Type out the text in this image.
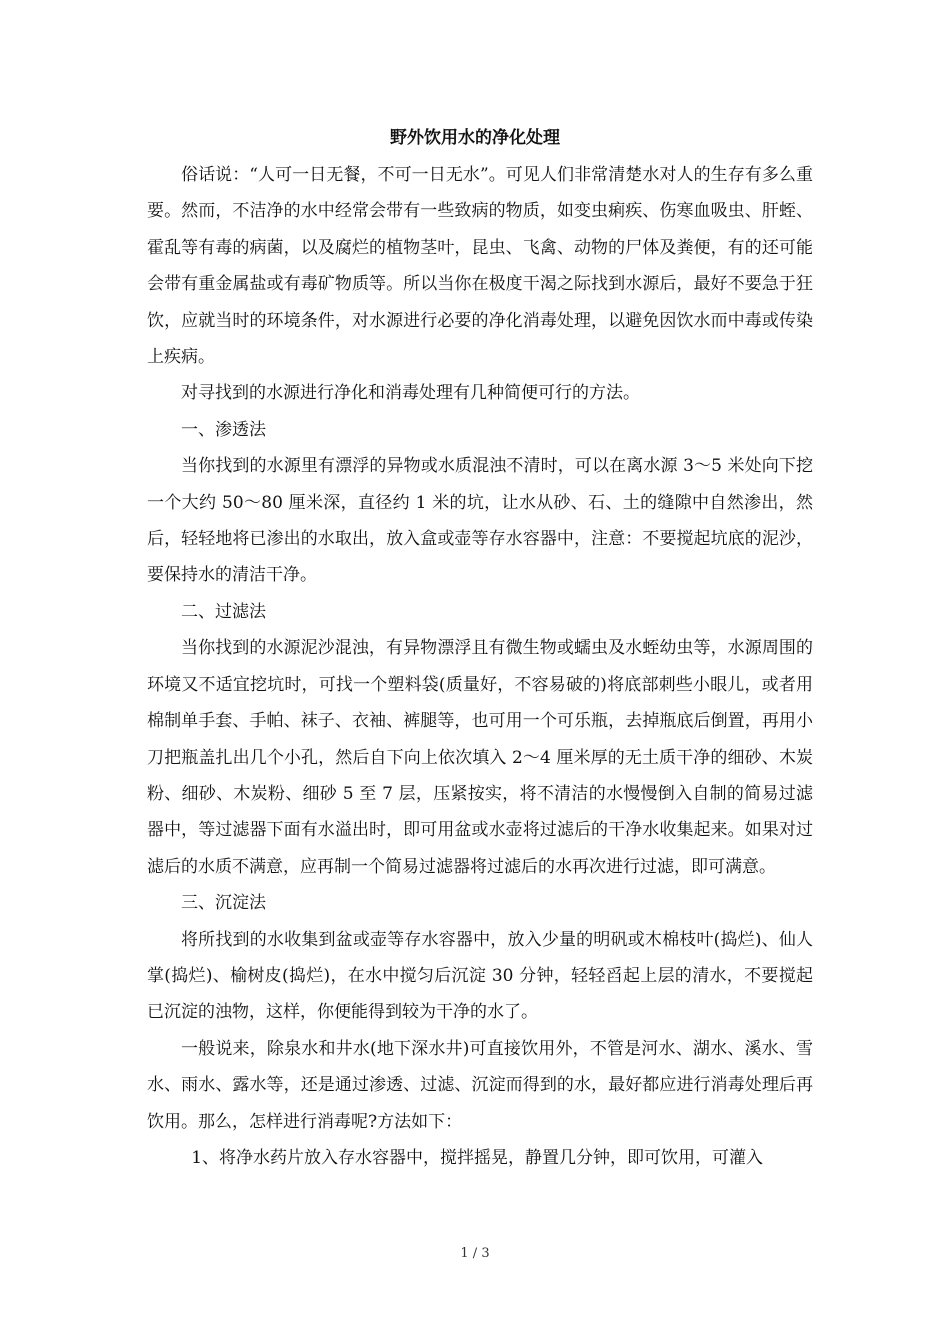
野外饮用水的净化处理

俗话说：“人可一日无餐，不可一日无水”。可见人们非常清楚水对人的生存有多么重要。然而，不洁净的水中经常会带有一些致病的物质，如变虫痢疾、伤寒血吸虫、肝蛭、霍乱等有毒的病菌，以及腐烂的植物茎叶，昆虫、飞禽、动物的尸体及粪便，有的还可能会带有重金属盐或有毒矿物质等。所以当你在极度干渴之际找到水源后，最好不要急于狂饮，应就当时的环境条件，对水源进行必要的净化消毒处理，以避免因饮水而中毒或传染上疾病。

对寻找到的水源进行净化和消毒处理有几种简便可行的方法。

一、渗透法

当你找到的水源里有漂浮的异物或水质混浊不清时，可以在离水源 3～5 米处向下挖一个大约 50～80 厘米深，直径约 1 米的坑，让水从砂、石、土的缝隙中自然渗出，然后，轻轻地将已渗出的水取出，放入盒或壶等存水容器中，注意：不要搅起坑底的泥沙，要保持水的清洁干净。

二、过滤法

当你找到的水源泥沙混浊，有异物漂浮且有微生物或蠕虫及水蛭幼虫等，水源周围的环境又不适宜挖坑时，可找一个塑料袋(质量好，不容易破的)将底部刺些小眼儿，或者用棉制单手套、手帕、袜子、衣袖、裤腿等，也可用一个可乐瓶，去掉瓶底后倒置，再用小刀把瓶盖扎出几个小孔，然后自下向上依次填入 2～4 厘米厚的无土质干净的细砂、木炭粉、细砂、木炭粉、细砂 5 至 7 层，压紧按实，将不清洁的水慢慢倒入自制的简易过滤器中，等过滤器下面有水溢出时，即可用盆或水壶将过滤后的干净水收集起来。如果对过滤后的水质不满意，应再制一个简易过滤器将过滤后的水再次进行过滤，即可满意。

三、沉淀法

将所找到的水收集到盆或壶等存水容器中，放入少量的明矾或木棉枝叶(捣烂)、仙人掌(捣烂)、榆树皮(捣烂)，在水中搅匀后沉淀 30 分钟，轻轻舀起上层的清水，不要搅起已沉淀的浊物，这样，你便能得到较为干净的水了。

一般说来，除泉水和井水(地下深水井)可直接饮用外，不管是河水、湖水、溪水、雪水、雨水、露水等，还是通过渗透、过滤、沉淀而得到的水，最好都应进行消毒处理后再饮用。那么，怎样进行消毒呢?方法如下：

1、将净水药片放入存水容器中，搅拌摇晃，静置几分钟，即可饮用，可灌入

1 / 3
